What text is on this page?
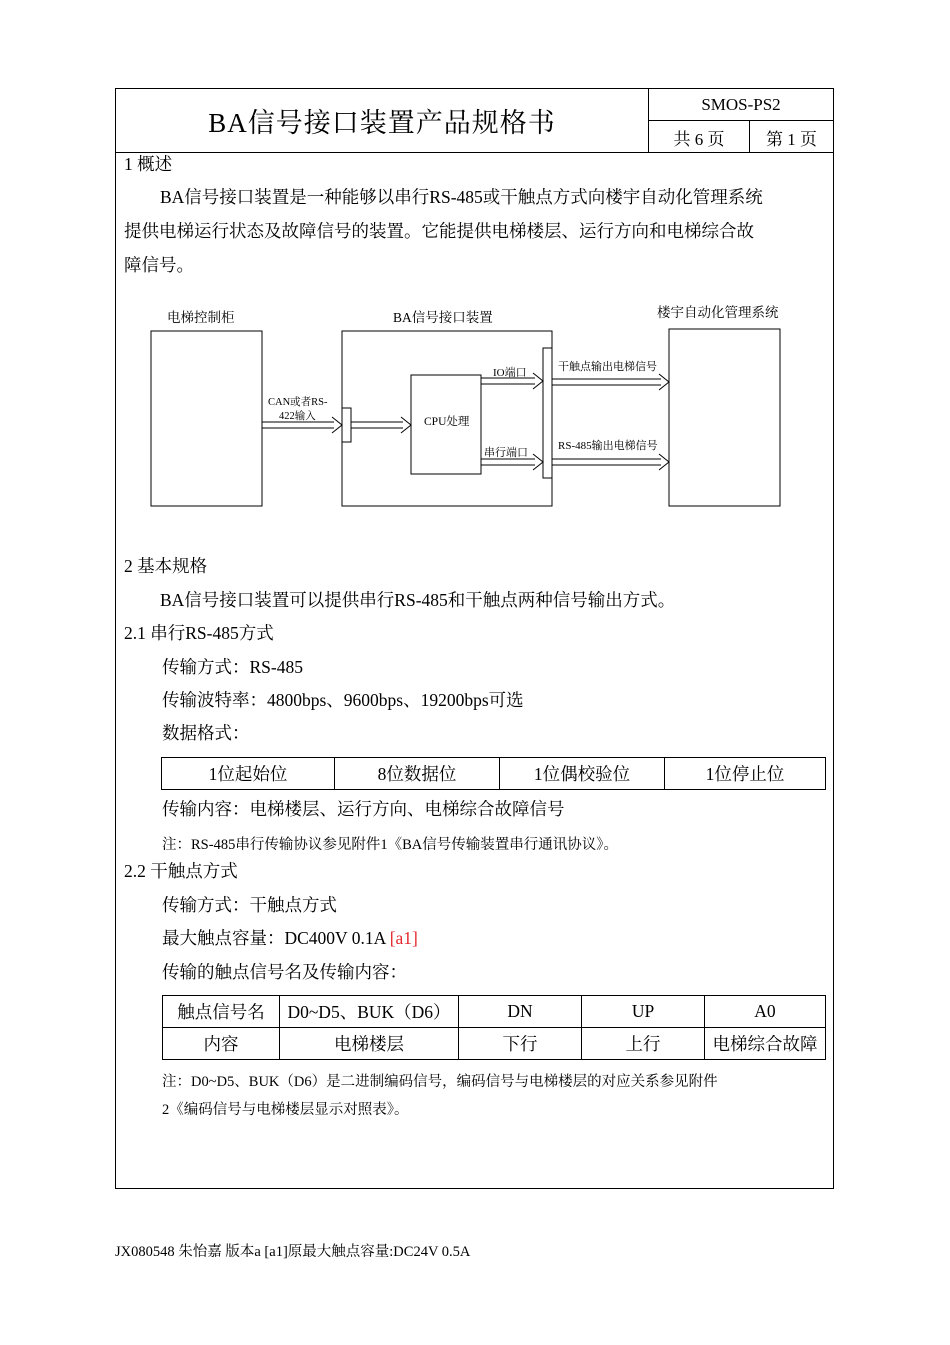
BA信号接口装置产品规格书
SMOS-PS2
共 6 页	第 1 页
1 概述
BA信号接口装置是一种能够以串行RS-485或干触点方式向楼宇自动化管理系统
提供电梯运行状态及故障信号的装置。它能提供电梯楼层、运行方向和电梯综合故
障信号。
电梯控制柜	BA信号接口装置	楼宇自动化管理系统
CAN或者RS-
422输入	CPU处理
IO端口
串行端口
干触点输出电梯信号
RS-485输出电梯信号
2 基本规格
BA信号接口装置可以提供串行RS-485和干触点两种信号输出方式。
2.1 串行RS-485方式
传输方式：RS-485
传输波特率：4800bps、9600bps、19200bps可选
数据格式：
1位起始位	8位数据位	1位偶校验位	1位停止位
传输内容：电梯楼层、运行方向、电梯综合故障信号
注：RS-485串行传输协议参见附件1《BA信号传输装置串行通讯协议》。
2.2 干触点方式
传输方式：干触点方式
最大触点容量：DC400V 0.1A [a1]
传输的触点信号名及传输内容：
触点信号名	D0~D5、BUK（D6）	DN	UP	A0
内容	电梯楼层	下行	上行	电梯综合故障
注：D0~D5、BUK（D6）是二进制编码信号，编码信号与电梯楼层的对应关系参见附件
2《编码信号与电梯楼层显示对照表》。
JX080548 朱怡嘉 版本a [a1]原最大触点容量:DC24V 0.5A
